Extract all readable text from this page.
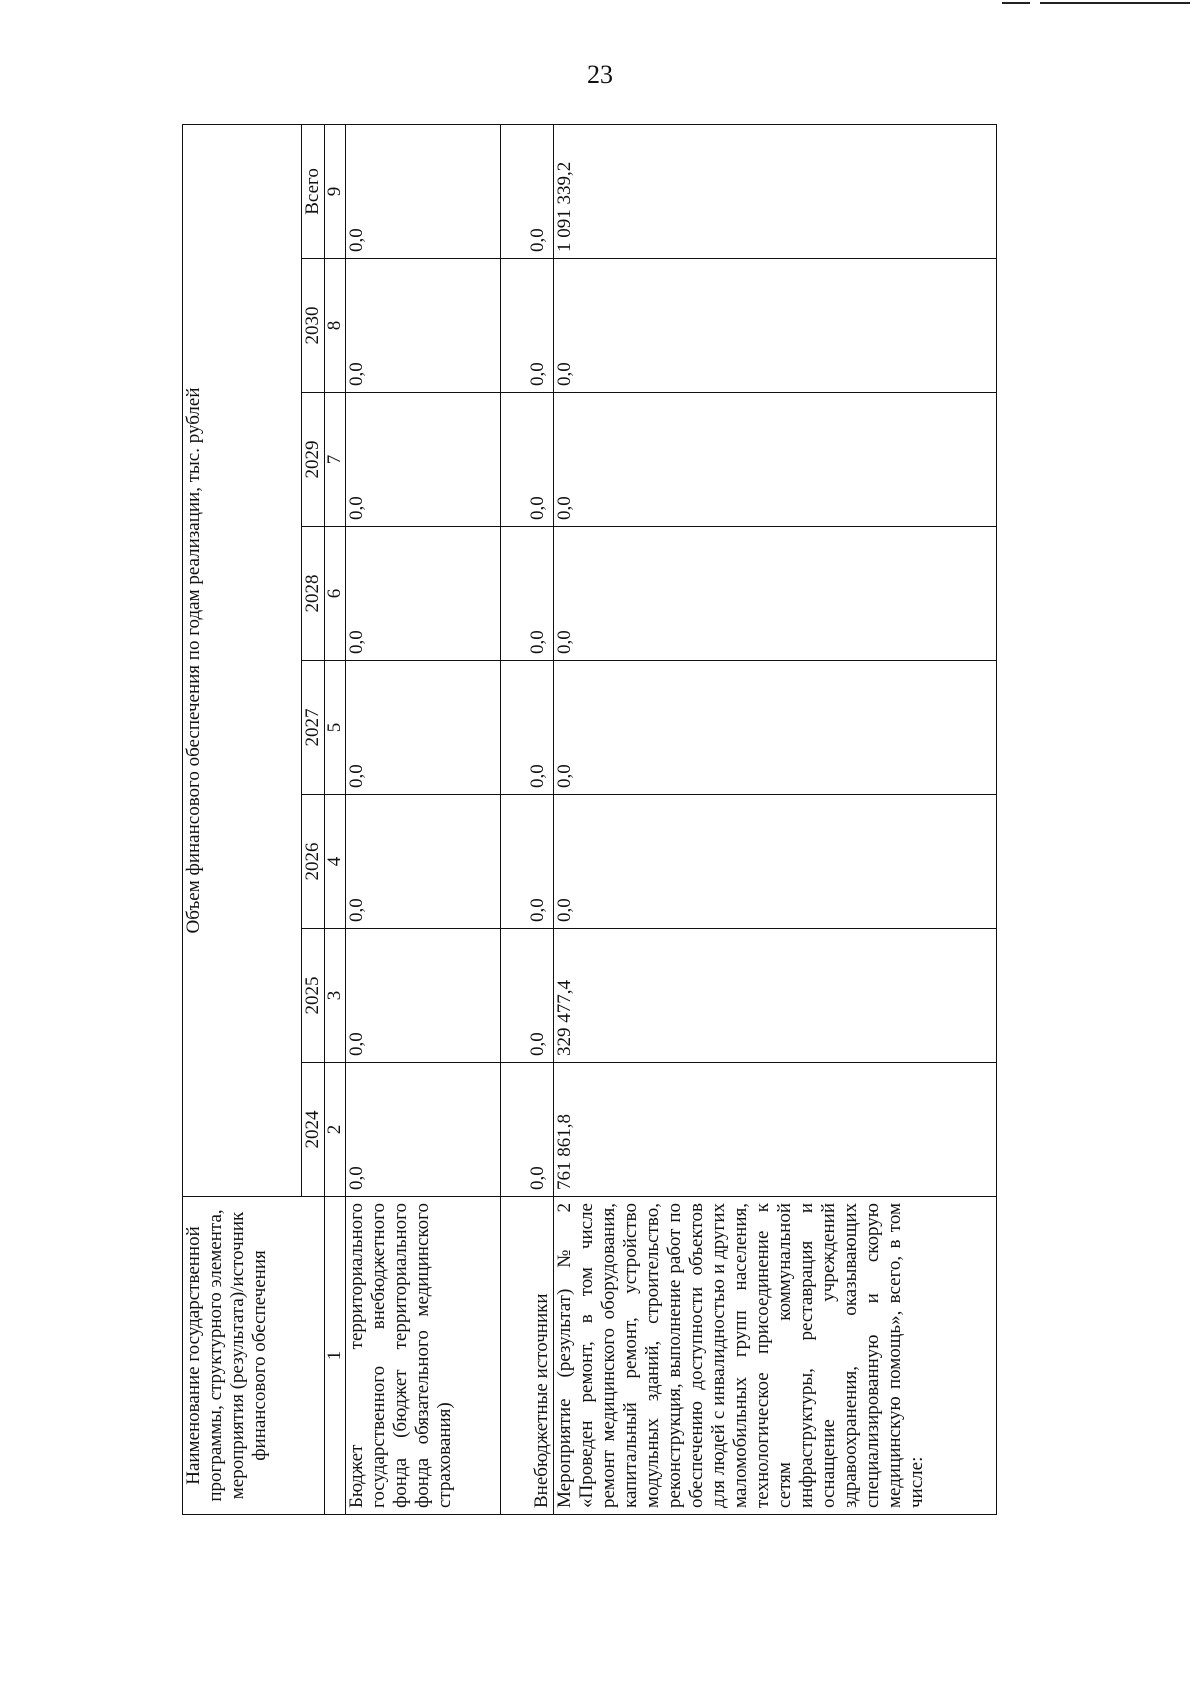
23
Наименование государственной программы, структурного элемента, мероприятия (результата)/источник финансового обеспечения	Объем финансового обеспечения по годам реализации, тыс. рублей							
	2024	2025	2026	2027	2028	2029	2030	Всего
1	2	3	4	5	6	7	8	9
Бюджет территориального государственного внебюджетного фонда (бюджет территориального фонда обязательного медицинского страхования)	0,0	0,0	0,0	0,0	0,0	0,0	0,0	0,0
Внебюджетные источники	0,0	0,0	0,0	0,0	0,0	0,0	0,0	0,0
Мероприятие (результат) № 2 «Проведен ремонт, в том числе ремонт медицинского оборудования, капитальный ремонт, устройство модульных зданий, строительство, реконструкция, выполнение работ по обеспечению доступности объектов для людей с инвалидностью и других маломобильных групп населения, технологическое присоединение к сетям коммунальной инфраструктуры, реставрация и оснащение учреждений здравоохранения, оказывающих специализированную и скорую медицинскую помощь», всего, в том числе:	761 861,8	329 477,4	0,0	0,0	0,0	0,0	0,0	1 091 339,2
